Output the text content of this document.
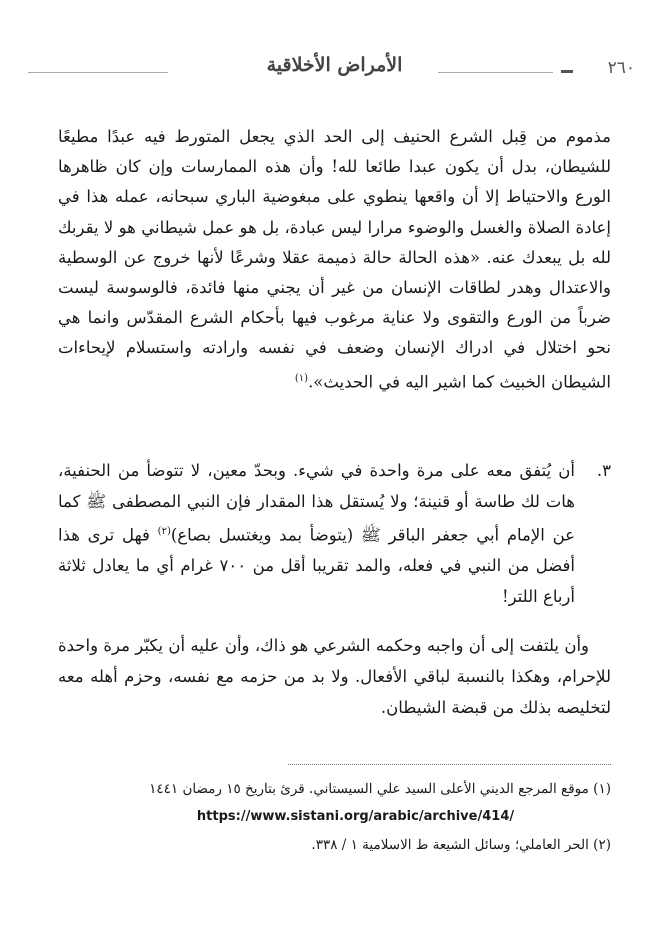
الأمراض الأخلاقية	٢٦٠

مذموم من قِبل الشرع الحنيف إلى الحد الذي يجعل المتورط فيه عبدًا مطيعًا للشيطان، بدل أن يكون عبدا طائعا لله! وأن هذه الممارسات وإن كان ظاهرها الورع والاحتياط إلا أن واقعها ينطوي على مبغوضية الباري سبحانه، عمله هذا في إعادة الصلاة والغسل والوضوء مرارا ليس عبادة، بل هو عمل شيطاني هو لا يقربك لله بل يبعدك عنه. «هذه الحالة حالة ذميمة عقلا وشرعًا لأنها خروج عن الوسطية والاعتدال وهدر لطاقات الإنسان من غير أن يجني منها فائدة، فالوسوسة ليست ضرباً من الورع والتقوى ولا عناية مرغوب فيها بأحكام الشرع المقدّس وانما هي نحو اختلال في ادراك الإنسان وضعف في نفسه وارادته واستسلام لإيحاءات الشيطان الخبيث كما اشير اليه في الحديث».$^{(١)}$

٣.
أن يُتفق معه على مرة واحدة في شيء. وبحدّ معين، لا تتوضأ من الحنفية، هات لك طاسة أو قنينة؛ ولا يُستقل هذا المقدار فإن النبي المصطفى ﷺ كما عن الإمام أبي جعفر الباقر ﷺ (يتوضأ بمد ويغتسل بصاع)$^{(٢)}$ فهل ترى هذا أفضل من النبي في فعله، والمد تقريبا أقل من ٧٠٠ غرام أي ما يعادل ثلاثة أرباع اللتر!
وأن يلتفت إلى أن واجبه وحكمه الشرعي هو ذاك، وأن عليه أن يكبّر مرة واحدة للإحرام، وهكذا بالنسبة لباقي الأفعال. ولا بد من حزمه مع نفسه، وحزم أهله معه لتخليصه بذلك من قبضة الشيطان.
(١) موقع المرجع الديني الأعلى السيد علي السيستاني. قرئ بتاريخ ١٥ رمضان ١٤٤١
https://www.sistani.org/arabic/archive/414/
(٢) الحر العاملي؛ وسائل الشيعة ط الاسلامية ١ / ٣٣٨.
